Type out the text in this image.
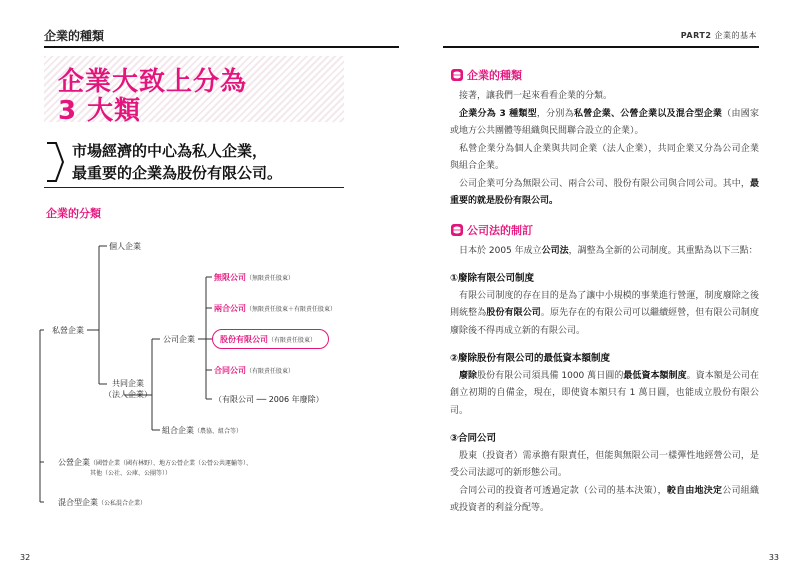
企業的種類	PART2 企業的基本
企業大致上分為
3 大類
市場經濟的中心為私人企業，
最重要的企業為股份有限公司。
企業的分類
私營企業
個人企業
共同企業
（法人企業）
公司企業
無限公司（無限責任股東）
兩合公司（無限責任股東＋有限責任股東）
股份有限公司（有限責任股東）
合同公司（有限責任股東）
（有限公司 ── 2006 年廢除）
組合企業（農協、組合等）
公營企業（國營企業（國有林野）、地方公營企業（公營公共運輸等）、
其他（公社、公庫、公團等））
混合型企業（公私混合企業）
32	33
企業的種類

接著，讓我們一起來看看企業的分類。

企業分為 3 種類型，分別為私營企業、公營企業以及混合型企業（由國家或地方公共團體等組織與民間聯合設立的企業）。

私營企業分為個人企業與共同企業（法人企業），共同企業又分為公司企業與組合企業。

公司企業可分為無限公司、兩合公司、股份有限公司與合同公司。其中，最重要的就是股份有限公司。

公司法的制訂

日本於 2005 年成立公司法，調整為全新的公司制度。其重點為以下三點：

①廢除有限公司制度

有限公司制度的存在目的是為了讓中小規模的事業進行營運，制度廢除之後則統整為股份有限公司。原先存在的有限公司可以繼續經營，但有限公司制度廢除後不得再成立新的有限公司。

②廢除股份有限公司的最低資本額制度

廢除股份有限公司須具備 1000 萬日圓的最低資本額制度。資本額是公司在創立初期的自備金，現在，即使資本額只有 1 萬日圓，也能成立股份有限公司。

③合同公司

股東（投資者）需承擔有限責任，但能與無限公司一樣彈性地經營公司，是受公司法認可的新形態公司。

合同公司的投資者可透過定款（公司的基本決策），較自由地決定公司組織或投資者的利益分配等。
